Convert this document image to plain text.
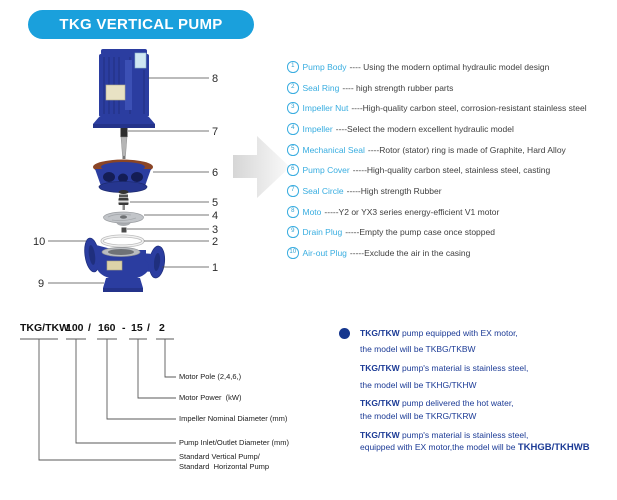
TKG VERTICAL PUMP
8
7
6
5
4
3
2
1
10
9
1 Pump Body ---- Using the modern optimal hydraulic model design
2 Seal Ring ---- high strength rubber parts
3 Impeller Nut ----High-quality carbon steel, corrosion-resistant stainless steel
4 Impeller ----Select the modern excellent hydraulic model
5 Mechanical Seal ----Rotor (stator) ring is made of Graphite, Hard Alloy
6 Pump Cover -----High-quality carbon steel, stainless steel, casting
7 Seal Circle -----High strength Rubber
8 Moto -----Y2 or YX3 series energy-efficient V1 motor
9 Drain Plug -----Empty the pump case once stopped
10 Air-out Plug -----Exclude the air in the casing
TKG/TKW
100 / 160 - 15 / 2
Motor Pole (2,4,6,)
Motor Power  (kW)
Impeller Nominal Diameter (mm)
Pump Inlet/Outlet Diameter (mm)
Standard Vertical Pump/
Standard  Horizontal Pump
TKG/TKW pump equipped with EX motor,
the model will be TKBG/TKBW
TKG/TKW pump's material is stainless steel,
the model will be TKHG/TKHW
TKG/TKW pump delivered the hot water,
the model will be TKRG/TKRW
TKG/TKW pump's material is stainless steel,
equipped with EX motor,the model will be TKHGB/TKHWB
